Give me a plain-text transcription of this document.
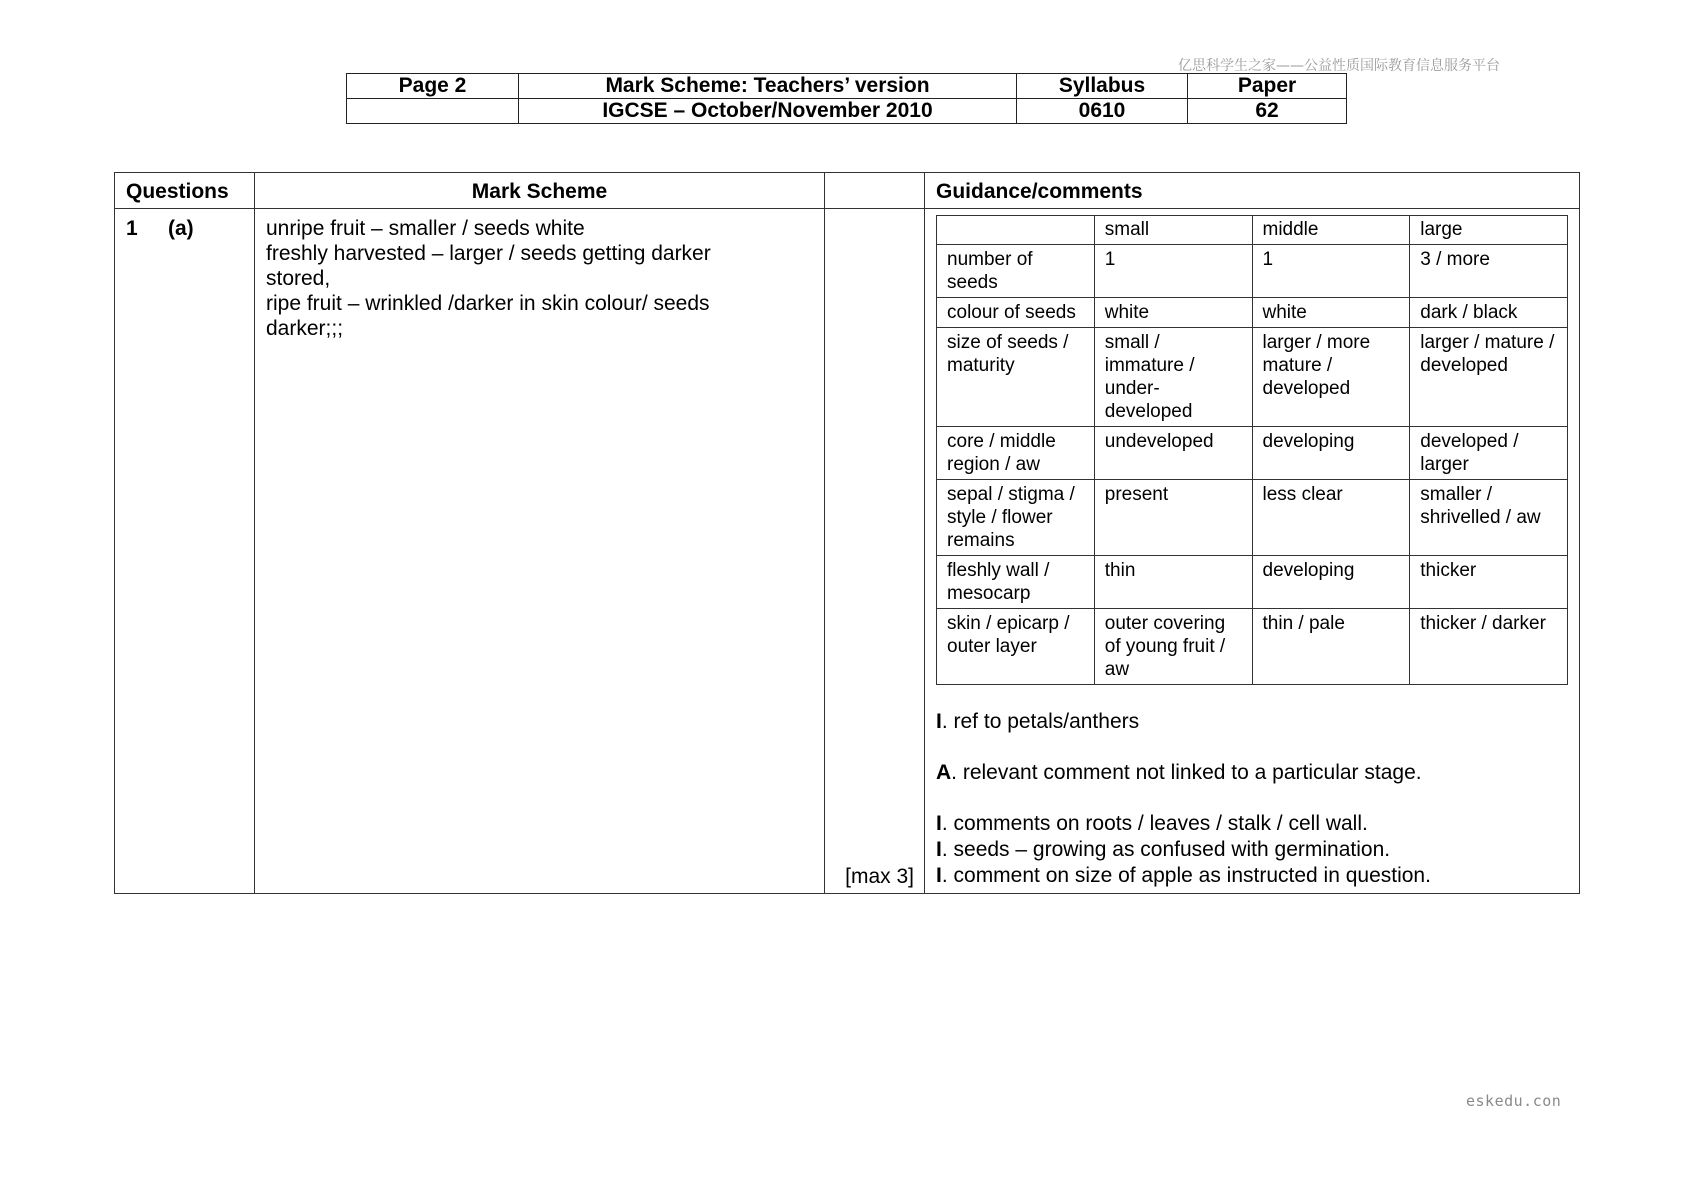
亿思科学生之家——公益性质国际教育信息服务平台
Page 2	Mark Scheme: Teachers’ version	Syllabus	Paper
	IGCSE – October/November 2010	0610	62
Questions	Mark Scheme		Guidance/comments
1 (a)	unripe fruit – smaller / seeds white
freshly harvested – larger / seeds getting darker
stored,
ripe fruit – wrinkled /darker in skin colour/ seeds
darker;;;

[max 3]

	small	middle	large
number of seeds	1	1	3 / more
colour of seeds	white	white	dark / black
size of seeds / maturity	small / immature / under-developed	larger / more mature / developed	larger / mature / developed
core / middle region / aw	undeveloped	developing	developed / larger
sepal / stigma / style / flower remains	present	less clear	smaller / shrivelled / aw
fleshly wall / mesocarp	thin	developing	thicker
skin / epicarp / outer layer	outer covering of young fruit / aw	thin / pale	thicker / darker
I. ref to petals/anthers
A. relevant comment not linked to a particular stage.
I. comments on roots / leaves / stalk / cell wall.
I. seeds – growing as confused with germination.
I. comment on size of apple as instructed in question.
eskedu.con
